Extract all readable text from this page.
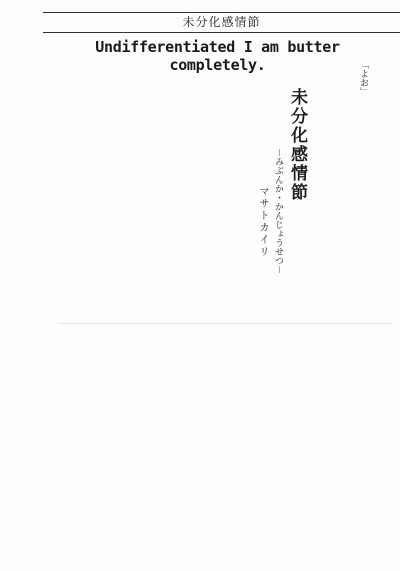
未分化感情節
Undifferentiated I am butter completely.	「よお」
未分化感情節
－みぶんか・かんじょうせつ－
マサトカイリ
